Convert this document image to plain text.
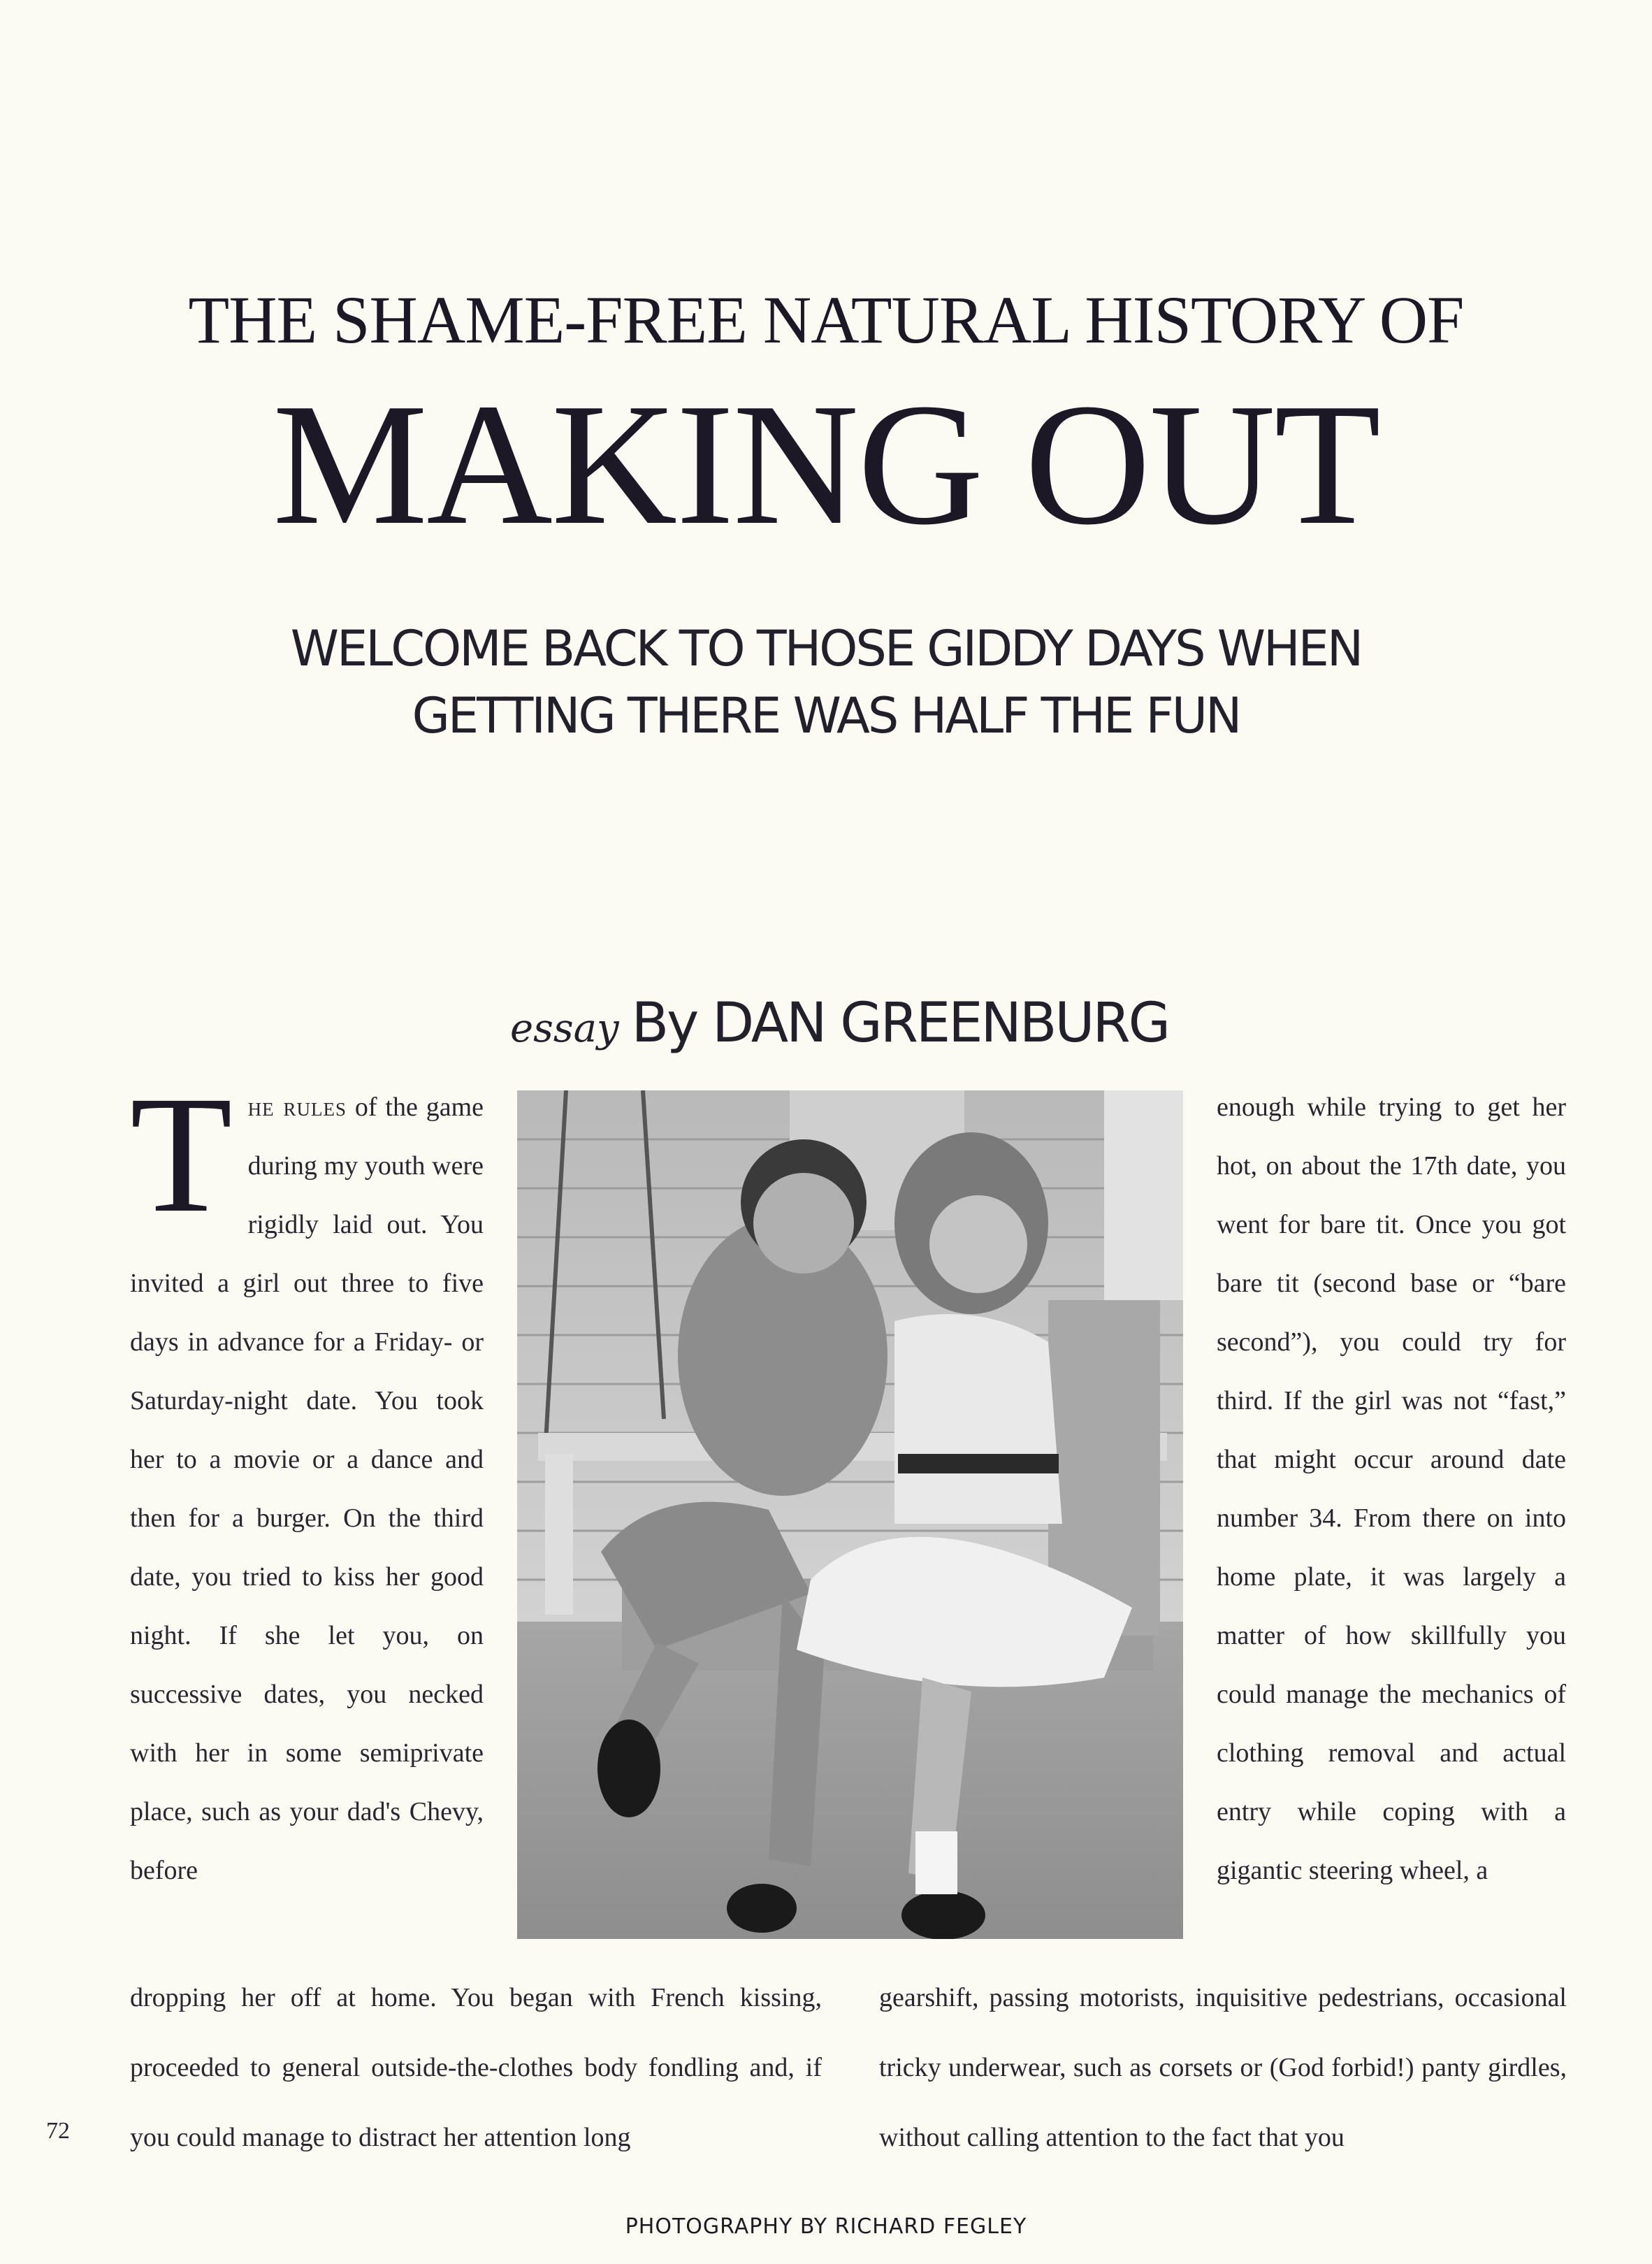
THE SHAME-FREE NATURAL HISTORY OF
MAKING OUT
WELCOME BACK TO THOSE GIDDY DAYS WHEN
GETTING THERE WAS HALF THE FUN
essay By DAN GREENBURG
The rules of the game during my youth were rigidly laid out. You invited a girl out three to five days in advance for a Friday- or Saturday-night date. You took her to a movie or a dance and then for a burger. On the third date, you tried to kiss her good night. If she let you, on successive dates, you necked with her in some semiprivate place, such as your dad's Chevy, before
enough while trying to get her hot, on about the 17th date, you went for bare tit. Once you got bare tit (second base or “bare second”), you could try for third. If the girl was not “fast,” that might occur around date number 34. From there on into home plate, it was largely a matter of how skillfully you could manage the mechanics of clothing removal and actual entry while coping with a gigantic steering wheel, a
dropping her off at home. You began with French kissing, proceeded to general outside-the-clothes body fondling and, if you could manage to distract her attention long
gearshift, passing motorists, inquisitive pedestrians, occasional tricky underwear, such as corsets or (God forbid!) panty girdles, without calling attention to the fact that you
72
PHOTOGRAPHY BY RICHARD FEGLEY
